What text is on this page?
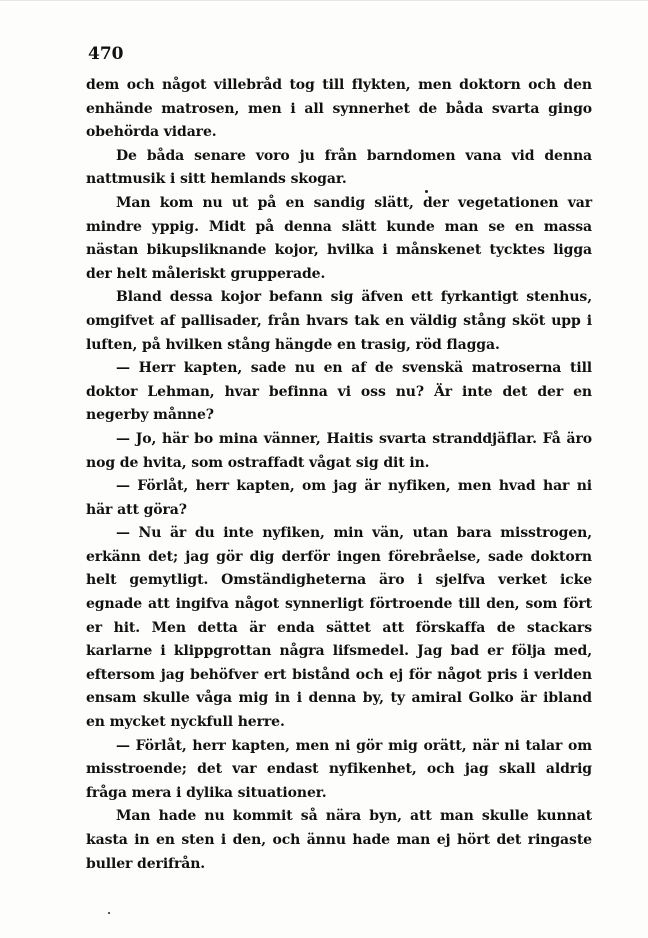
470

dem och något villebråd tog till flykten, men doktorn och den enhände matrosen, men i all synnerhet de båda svarta gingo obehörda vidare.

De båda senare voro ju från barndomen vana vid denna nattmusik i sitt hemlands skogar.

Man kom nu ut på en sandig slätt, der vegetationen var mindre yppig. Midt på denna slätt kunde man se en massa nästan bikupsliknande kojor, hvilka i månskenet tycktes ligga der helt måleriskt grupperade.

Bland dessa kojor befann sig äfven ett fyrkantigt stenhus, omgifvet af pallisader, från hvars tak en väldig stång sköt upp i luften, på hvilken stång hängde en trasig, röd flagga.

— Herr kapten, sade nu en af de svenskä matroserna till doktor Lehman, hvar befinna vi oss nu? Är inte det der en negerby månne?

— Jo, här bo mina vänner, Haitis svarta stranddjäflar. Få äro nog de hvita, som ostraffadt vågat sig dit in.

— Förlåt, herr kapten, om jag är nyfiken, men hvad har ni här att göra?

— Nu är du inte nyfiken, min vän, utan bara misstrogen, erkänn det; jag gör dig derför ingen förebråelse, sade doktorn helt gemytligt. Omständigheterna äro i sjelfva verket icke egnade att ingifva något synnerligt förtroende till den, som fört er hit. Men detta är enda sättet att förskaffa de stackars karlarne i klippgrottan några lifsmedel. Jag bad er följa med, eftersom jag behöfver ert bistånd och ej för något pris i verlden ensam skulle våga mig in i denna by, ty amiral Golko är ibland en mycket nyckfull herre.

— Förlåt, herr kapten, men ni gör mig orätt, när ni talar om misstroende; det var endast nyfikenhet, och jag skall aldrig fråga mera i dylika situationer.

Man hade nu kommit så nära byn, att man skulle kunnat kasta in en sten i den, och ännu hade man ej hört det ringaste buller derifrån.
